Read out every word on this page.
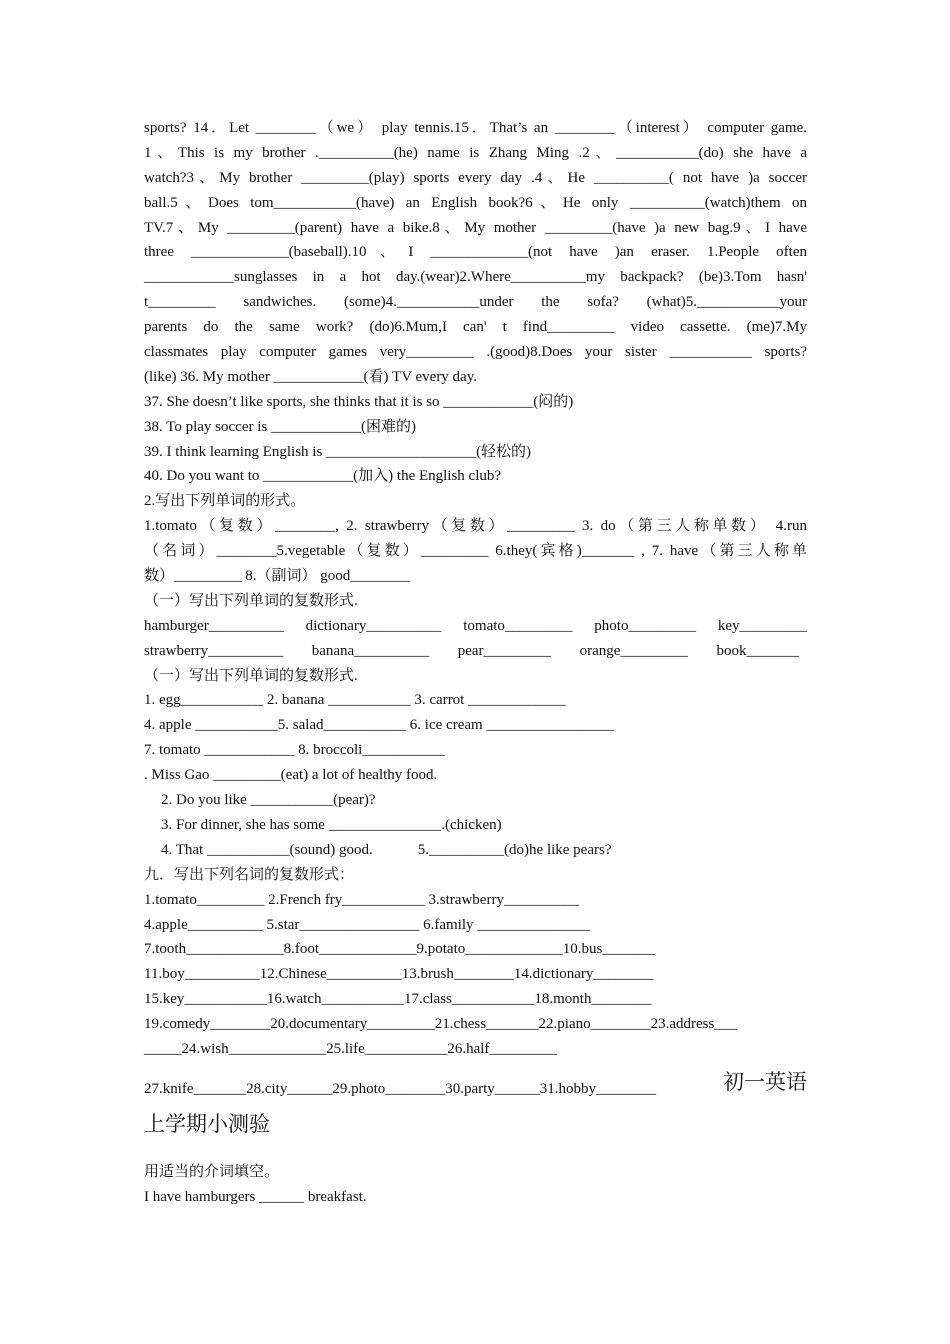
sports? 14．Let ________（we） play tennis.15．That’s an ________（interest） computer game.
1、This is my brother .__________(he) name is Zhang Ming .2、___________(do) she have a
watch?3、My brother _________(play) sports every day .4、He __________( not have )a soccer
ball.5、Does tom___________(have) an English book?6、He only __________(watch)them on
TV.7、My _________(parent) have a bike.8、My mother _________(have )a new bag.9、I have
three _____________(baseball).10、I _____________(not have )an eraser. 1.People often
____________sunglasses in a hot day.(wear)2.Where__________my backpack? (be)3.Tom hasn'
t_________ sandwiches. (some)4.___________under the sofa? (what)5.___________your
parents do the same work? (do)6.Mum,I can' t find_________ video cassette. (me)7.My
classmates play computer games very_________ .(good)8.Does your sister ___________ sports?
(like) 36. My mother ____________(看) TV every day.
37. She doesn’t like sports, she thinks that it is so ____________(闷的)
38. To play soccer is ____________(困难的)
39. I think learning English is ____________________(轻松的)
40. Do you want to ____________(加入) the English club?
2.写出下列单词的形式。
1.tomato（复数）________, 2. strawberry（复数）_________ 3. do（第三人称单数） 4.run
（名词）________5.vegetable（复数）_________ 6.they(宾格)_______ , 7. have（第三人称单
数）_________ 8.（副词） good________
（一）写出下列单词的复数形式.
hamburger__________ dictionary__________ tomato_________ photo_________ key_________
strawberry__________ banana__________ pear_________ orange_________ book_______
（一）写出下列单词的复数形式.
1. egg___________ 2. banana ___________ 3. carrot _____________
4. apple ___________5. salad___________ 6. ice cream _________________
7. tomato ____________ 8. broccoli___________
. Miss Gao _________(eat) a lot of healthy food.
2. Do you like ___________(pear)?
3. For dinner, she has some _______________.(chicken)
4. That ___________(sound) good.            5.__________(do)he like pears?
九．写出下列名词的复数形式：
1.tomato_________ 2.French fry___________ 3.strawberry__________
4.apple__________ 5.star________________ 6.family _______________
7.tooth_____________8.foot_____________9.potato_____________10.bus_______
11.boy__________12.Chinese__________13.brush________14.dictionary________
15.key___________16.watch___________17.class___________18.month________
19.comedy________20.documentary_________21.chess_______22.piano________23.address___
_____24.wish_____________25.life___________26.half_________
27.knife_______28.city______29.photo________30.party______31.hobby________	初一英语
上学期小测验
用适当的介词填空。
I have hamburgers ______ breakfast.
